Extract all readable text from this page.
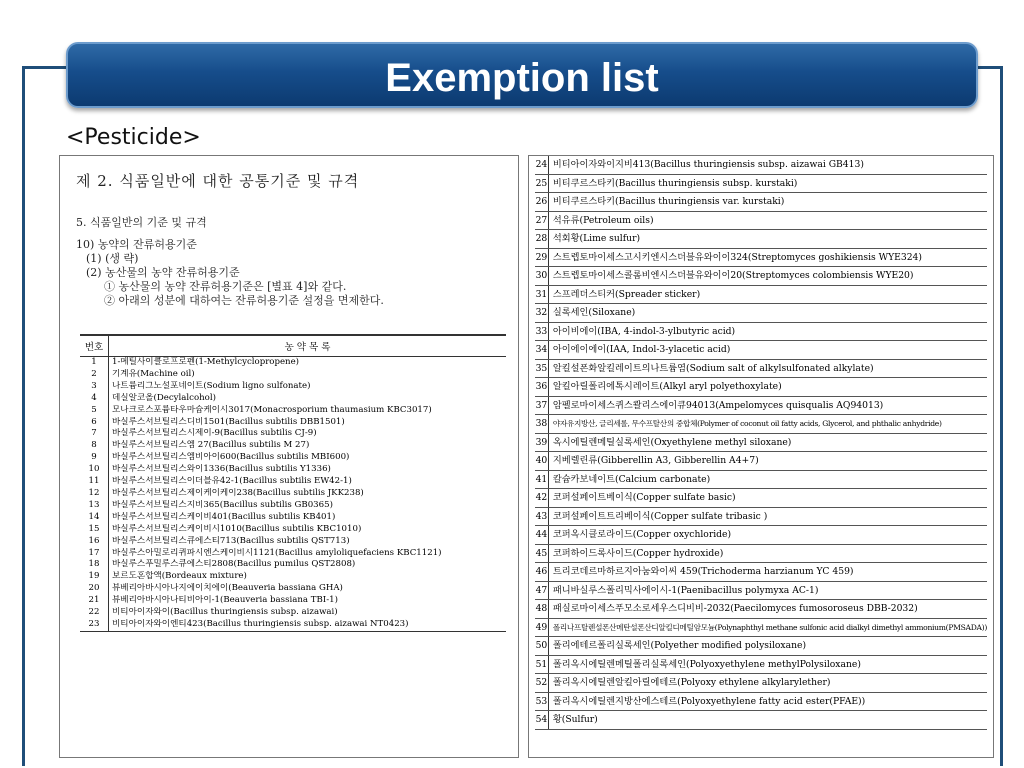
Exemption list
<Pesticide>
제 2. 식품일반에 대한 공통기준 및 규격
5. 식품일반의 기준 및 규격
10) 농약의 잔류허용기준
(1) (생 략)
(2) 농산물의 농약 잔류허용기준
① 농산물의 농약 잔류허용기준은 [별표 4]와 같다.
② 아래의 성분에 대하여는 잔류허용기준 설정을 면제한다.
번호	농 약 목 록
1	1-메틸사이클로프로펜(1-Methylcyclopropene)
2	기계유(Machine oil)
3	나트륨리그노설포네이트(Sodium ligno sulfonate)
4	데실알코올(Decylalcohol)
5	모나크로스포륨타우마슘케이시3017(Monacrosporium thaumasium KBC3017)
6	바실루스서브틸리스디비1501(Bacillus subtilis DBB1501)
7	바실루스서브틸리스시제이-9(Bacillus subtilis CJ-9)
8	바실루스서브틸리스엠 27(Bacillus subtilis M 27)
9	바실루스서브틸리스엠비아이600(Bacillus subtilis MBI600)
10	바실루스서브틸리스와이1336(Bacillus subtilis Y1336)
11	바실루스서브틸리스이더블유42-1(Bacillus subtilis EW42-1)
12	바실루스서브틸리스제이케이케이238(Bacillus subtilis JKK238)
13	바실루스서브틸리스지비365(Bacillus subtilis GB0365)
14	바실루스서브틸리스케이비401(Bacillus subtilis KB401)
15	바실루스서브틸리스케이비시1010(Bacillus subtilis KBC1010)
16	바실루스서브틸리스큐에스티713(Bacillus subtilis QST713)
17	바실루스아밀로리퀴파시엔스케이비시1121(Bacillus amyloliquefaciens KBC1121)
18	바실루스푸밀루스큐에스티2808(Bacillus pumilus QST2808)
19	보르도혼합액(Bordeaux mixture)
20	뷰베리아바시아나지에이치에이(Beauveria bassiana GHA)
21	뷰베리아바시아나티비아이-1(Beauveria bassiana TBI-1)
22	비티아이자와이(Bacillus thuringiensis subsp. aizawai)
23	비티아이자와이엔티423(Bacillus thuringiensis subsp. aizawai NT0423)
24	비티아이자와이지비413(Bacillus thuringiensis subsp. aizawai GB413)
25	비티쿠르스타키(Bacillus thuringiensis subsp. kurstaki)
26	비티쿠르스타키(Bacillus thuringiensis var. kurstaki)
27	석유류(Petroleum oils)
28	석회황(Lime sulfur)
29	스트렙토마이세스고시키엔시스더블유와이이324(Streptomyces goshikiensis WYE324)
30	스트렙토마이세스콜롬비엔시스더블유와이이20(Streptomyces colombiensis WYE20)
31	스프레더스티커(Spreader sticker)
32	실록세인(Siloxane)
33	아이비에이(IBA, 4-indol-3-ylbutyric acid)
34	아이에이에이(IAA, Indol-3-ylacetic acid)
35	알킬설폰화알킬레이트의나트륨염(Sodium salt of alkylsulfonated alkylate)
36	알킬아릴폴리에톡시레이트(Alkyl aryl polyethoxylate)
37	암펠로마이세스퀴스콸리스에이큐94013(Ampelomyces quisqualis AQ94013)
38	야자유지방산, 글리세롤, 무수프탈산의 중합체(Polymer of coconut oil fatty acids, Glycerol, and phthalic anhydride)
39	옥시에틸렌메틸실록세인(Oxyethylene methyl siloxane)
40	지베렐린류(Gibberellin A3, Gibberellin A4+7)
41	칼슘카보네이트(Calcium carbonate)
42	코퍼설페이트베이식(Copper sulfate basic)
43	코퍼설페이트트리베이식(Copper sulfate tribasic )
44	코퍼옥시클로라이드(Copper oxychloride)
45	코퍼하이드록사이드(Copper hydroxide)
46	트리코데르마하르지아눔와이씨 459(Trichoderma harzianum YC 459)
47	패니바실루스폴리믹사에이시-1(Paenibacillus polymyxa AC-1)
48	패실로마이세스푸모소로세우스디비비-2032(Paecilomyces fumosoroseus DBB-2032)
49	폴리나프탈렌설폰산메탄설폰산디알킬디메틸암모늄(Polynaphthyl methane sulfonic acid dialkyl dimethyl ammonium(PMSADA))
50	폴리에테르폴리실록세인(Polyether modified polysiloxane)
51	폴리옥시에틸렌메틸폴리실록세인(Polyoxyethylene methylPolysiloxane)
52	폴리옥시에틸렌알킬아릴에테르(Polyoxy ethylene alkylarylether)
53	폴리옥시에틸렌지방산에스테르(Polyoxyethylene fatty acid ester(PFAE))
54	황(Sulfur)
